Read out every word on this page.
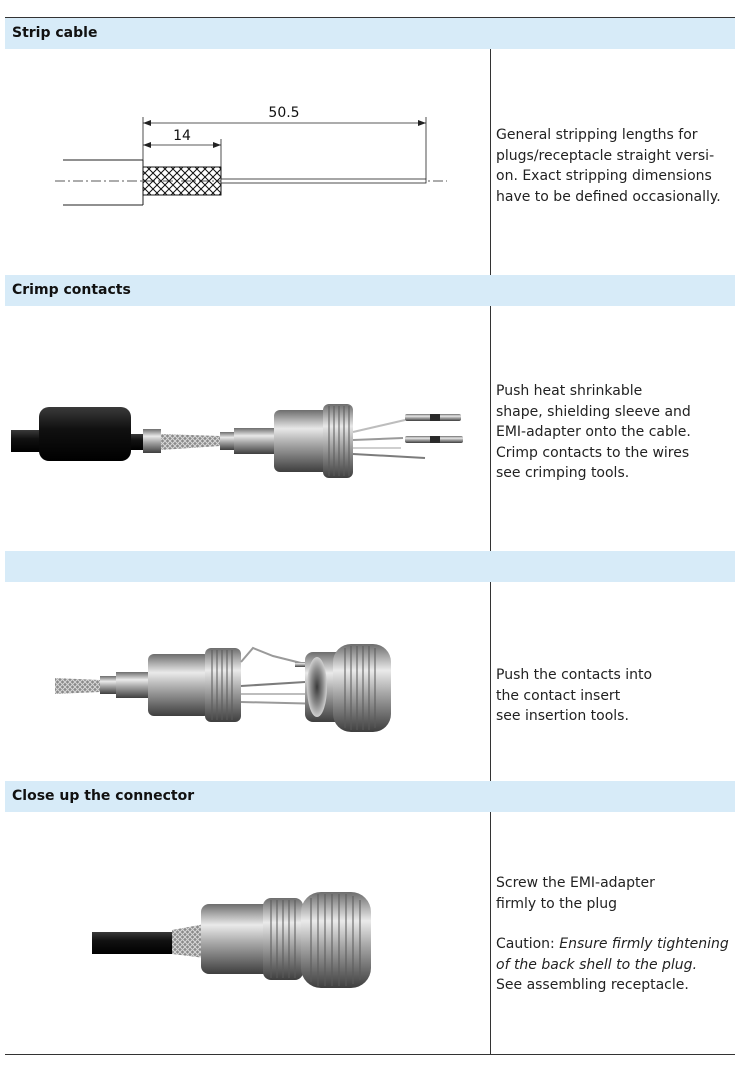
Strip cable
50.5
14	General stripping lengths for

plugs/receptacle straight versi-

on. Exact stripping dimensions

have to be defined occasionally.

Crimp contacts

Push heat shrinkable

shape, shielding sleeve and

EMI-adapter onto the cable.

Crimp contacts to the wires

see crimping tools.

Push the contacts into

the contact insert

see insertion tools.

Close up the connector

Screw the EMI-adapter

firmly to the plug

Caution: Ensure firmly tightening of the back shell to the plug.

See assembling receptacle.
